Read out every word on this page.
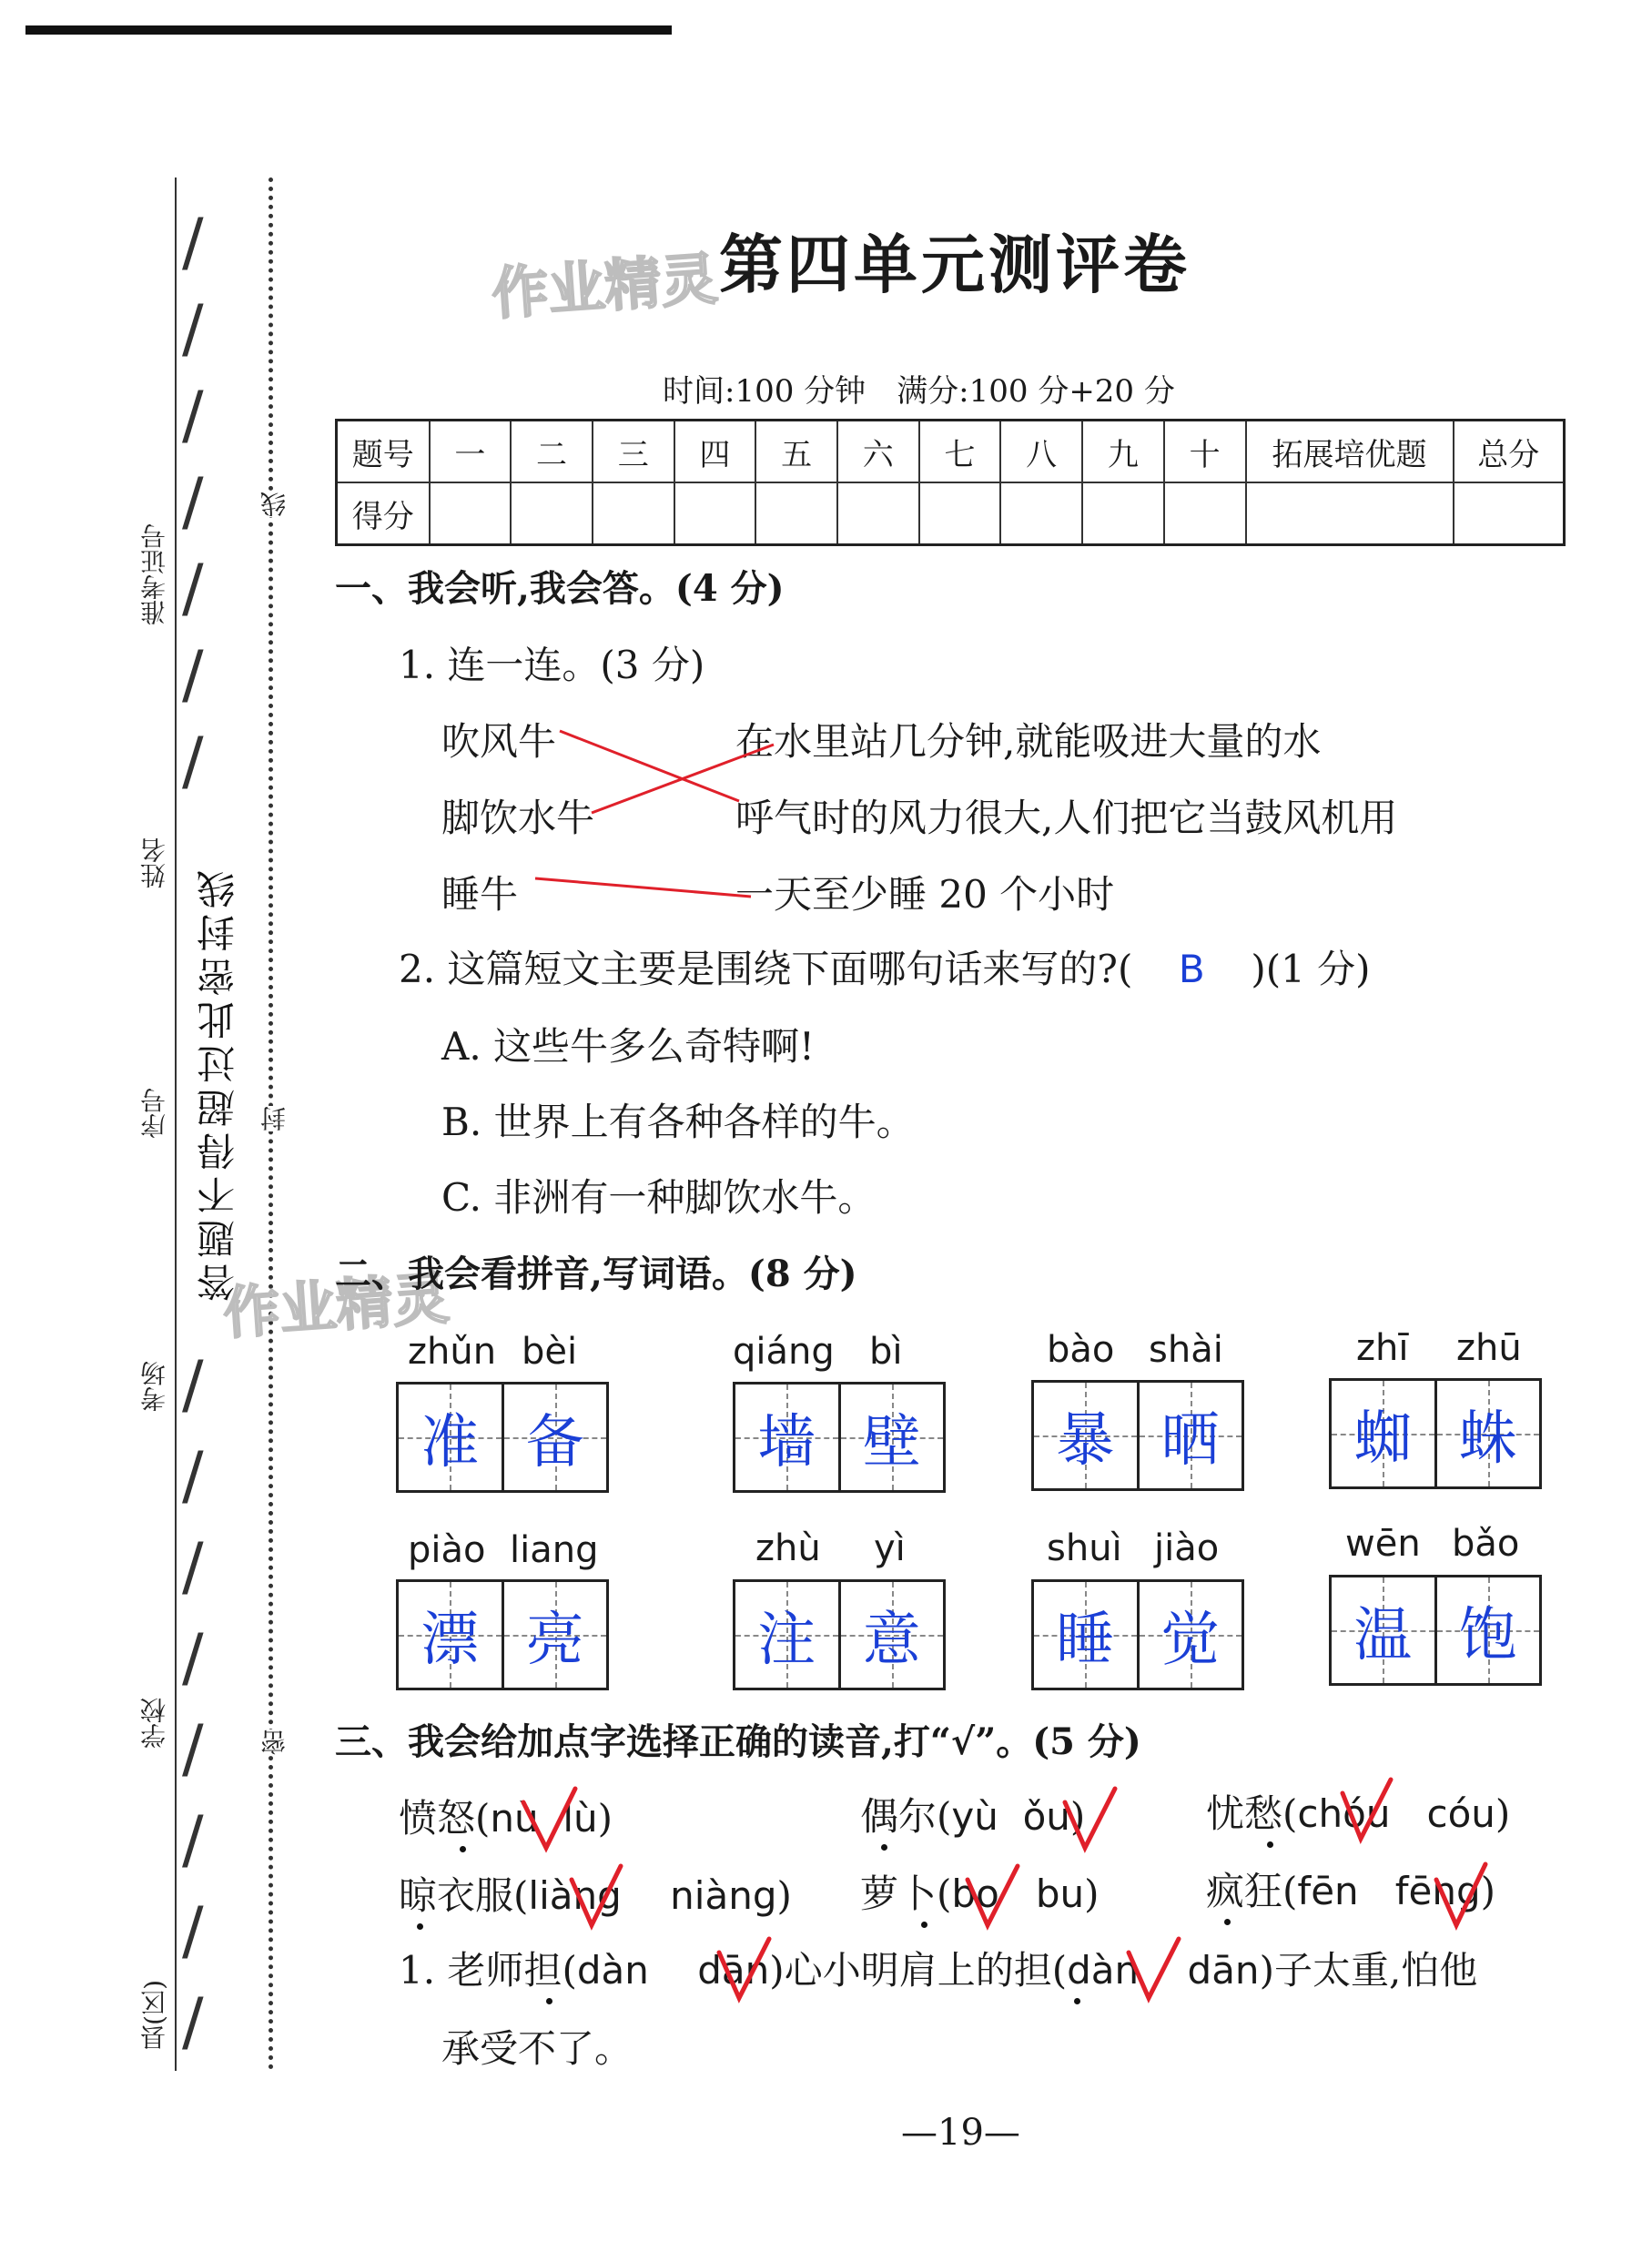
/
/
/
/
/
/
/
/
/
/
/
/
/
/
/
准考证号
姓名
序号
考场
学校
县(区)
线
封
密
答题不得超过此密封线
作业精灵
作业精灵
第四单元测评卷
时间:100 分钟　满分:100 分+20 分
题号	一	二	三	四	五	六	七	八	九	十	拓展培优题	总分
得分												
一、我会听,我会答。(4 分)
1. 连一连。(3 分)
吹风牛
脚饮水牛
睡牛
在水里站几分钟,就能吸进大量的水
呼气时的风力很大,人们把它当鼓风机用
一天至少睡 20 个小时
2. 这篇短文主要是围绕下面哪句话来写的?( B )(1 分)
A. 这些牛多么奇特啊!
B. 世界上有各种各样的牛。
C. 非洲有一种脚饮水牛。
二、我会看拼音,写词语。(8 分)
zhǔn bèi
准 备
qiáng bì
墙 壁
bào shài
暴 晒
zhī zhū
蜘 蛛
piào liang
漂 亮
zhù yì
注 意
shuì jiào
睡 觉
wēn bǎo
温 饱
三、我会给加点字选择正确的读音,打“√”。(5 分)
愤怒(nù lù)	偶尔(yù ǒu)	忧愁(chóu cóu)
晾衣服(liàng niàng) 萝卜(bo bu)	疯狂(fēn fēng)
1. 老师担(dàn dān)心小明肩上的担(dàn dān)子太重,怕他
承受不了。
—19—
